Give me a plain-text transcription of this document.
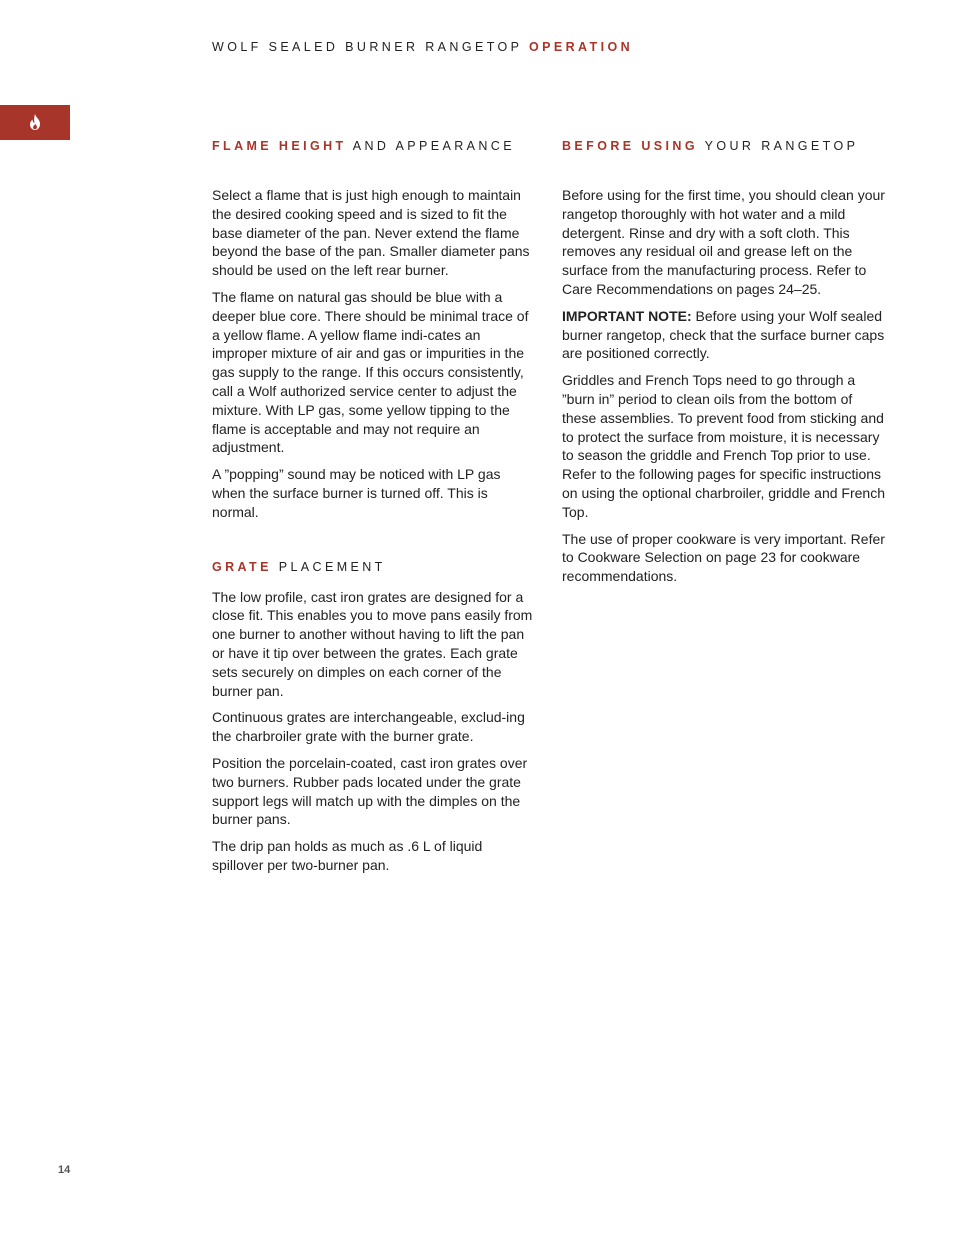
WOLF SEALED BURNER RANGETOP OPERATION
FLAME HEIGHT AND APPEARANCE

Select a flame that is just high enough to maintain the desired cooking speed and is sized to fit the base diameter of the pan. Never extend the flame beyond the base of the pan. Smaller diameter pans should be used on the left rear burner.

The flame on natural gas should be blue with a deeper blue core. There should be minimal trace of a yellow flame. A yellow flame indi-cates an improper mixture of air and gas or impurities in the gas supply to the range. If this occurs consistently, call a Wolf authorized service center to adjust the mixture. With LP gas, some yellow tipping to the flame is acceptable and may not require an adjustment.

A ”popping” sound may be noticed with LP gas when the surface burner is turned off. This is normal.

GRATE PLACEMENT

The low profile, cast iron grates are designed for a close fit. This enables you to move pans easily from one burner to another without having to lift the pan or have it tip over between the grates. Each grate sets securely on dimples on each corner of the burner pan.

Continuous grates are interchangeable, exclud-ing the charbroiler grate with the burner grate.

Position the porcelain-coated, cast iron grates over two burners. Rubber pads located under the grate support legs will match up with the dimples on the burner pans.

The drip pan holds as much as .6 L of liquid spillover per two-burner pan.

BEFORE USING YOUR RANGETOP

Before using for the first time, you should clean your rangetop thoroughly with hot water and a mild detergent. Rinse and dry with a soft cloth. This removes any residual oil and grease left on the surface from the manufacturing process. Refer to Care Recommendations on pages 24–25.

IMPORTANT NOTE: Before using your Wolf sealed burner rangetop, check that the surface burner caps are positioned correctly.

Griddles and French Tops need to go through a ”burn in” period to clean oils from the bottom of these assemblies. To prevent food from sticking and to protect the surface from moisture, it is necessary to season the griddle and French Top prior to use. Refer to the following pages for specific instructions on using the optional charbroiler, griddle and French Top.

The use of proper cookware is very important. Refer to Cookware Selection on page 23 for cookware recommendations.

14
